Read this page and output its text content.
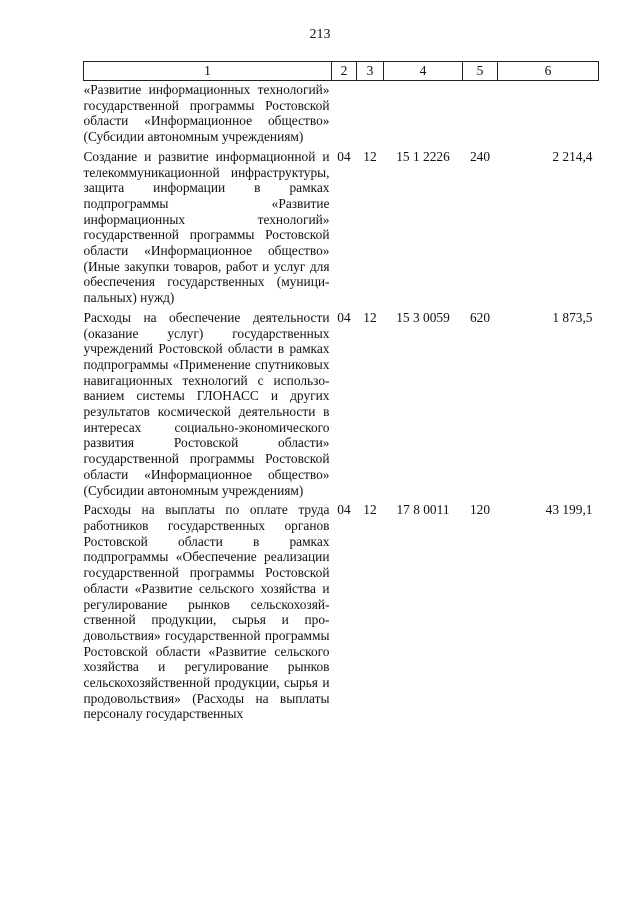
213
1	2	3	4	5	6
«Развитие информационных технологий» государственной программы Ростовской области «Информационное общество» (Субсидии автономным учреждениям)					
Создание и развитие информационной и телекоммуникационной инфраструктуры, защита информации в рамках подпрограммы «Развитие информационных технологий» государственной программы Ростовской области «Информационное общество» (Иные закупки товаров, работ и услуг для обеспечения государственных (муниципальных) нужд)	04	12	15 1 2226	240	2 214,4
Расходы на обеспечение деятельности (оказание услуг) государственных учреждений Ростовской области в рамках подпрограммы «Применение спутниковых навигационных технологий с использованием системы ГЛОНАСС и других результатов космической деятельности в интересах социально-экономического развития Ростовской области» государственной программы Ростовской области «Информационное общество» (Субсидии автономным учреждениям)	04	12	15 3 0059	620	1 873,5
Расходы на выплаты по оплате труда работников государственных органов Ростовской области в рамках подпрограммы «Обеспечение реализации государственной программы Ростовской области «Развитие сельского хозяйства и регулирование рынков сельскохозяйственной продукции, сырья и продовольствия» государственной программы Ростовской области «Развитие сельского хозяйства и регулирование рынков сельскохозяйственной продукции, сырья и продовольствия» (Расходы на выплаты персоналу государственных	04	12	17 8 0011	120	43 199,1
